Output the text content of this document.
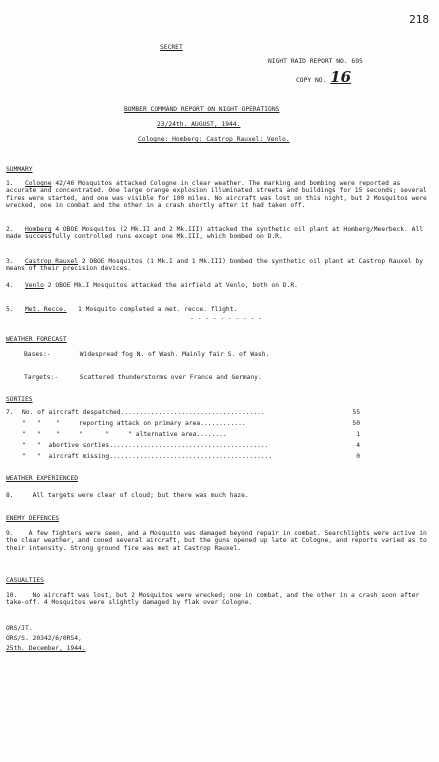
218
SECRET
NIGHT RAID REPORT NO. 695
COPY NO. 16
BOMBER COMMAND REPORT ON NIGHT OPERATIONS
23/24th. AUGUST, 1944.
Cologne: Homberg: Castrop Rauxel: Venlo.
SUMMARY
1. Cologne 42/46 Mosquitos attacked Cologne in clear weather. The marking and bombing were reported as accurate and concentrated. One large orange explosion illuminated streets and buildings for 15 seconds; several fires were started, and one was visible for 100 miles. No aircraft was lost on this night, but 2 Mosquitos were wrecked, one in combat and the other in a crash shortly after it had taken off.
2. Homberg 4 OBOE Mosquitos (2 Mk.II and 2 Mk.III) attacked the synthetic oil plant at Homberg/Meerbeck. All made successfully controlled runs except one Mk.III, which bombed on D.R.
3. Castrop Rauxel 2 OBOE Mosquitos (1 Mk.I and 1 Mk.III) bombed the synthetic oil plant at Castrop Rauxel by means of their precision devices.
4. Venlo 2 OBOE Mk.I Mosquitos attacked the airfield at Venlo, both on D.R.
5. Met. Recce. 1 Mosquito completed a met. recce. flight.
- - - - - - - - - -
WEATHER FORECAST
Bases:-	Widespread fog N. of Wash. Mainly fair S. of Wash.
Targets:-	Scattered thunderstorms over France and Germany.
SORTIES
7. No. of aircraft despatched......................................	55
"   "    "     reporting attack on primary area............	50
"   "    "     "      "     " alternative area........	1
"   "  abortive sorties..........................................	4
"   "  aircraft missing...........................................	0
WEATHER EXPERIENCED
8.	All targets were clear of cloud; but there was much haze.
ENEMY DEFENCES
9. A few fighters were seen, and a Mosquito was damaged beyond repair in combat. Searchlights were active in the clear weather, and coned several aircraft, but the guns opened up late at Cologne, and reports varied as to their intensity. Strong ground fire was met at Castrop Rauxel.
CASUALTIES
10. No aircraft was lost, but 2 Mosquitos were wrecked; one in combat, and the other in a crash soon after take-off. 4 Mosquitos were slightly damaged by flak over Cologne.
ORS/JT.
ORS/S. 20342/6/0RS4,
25th. December, 1944.
